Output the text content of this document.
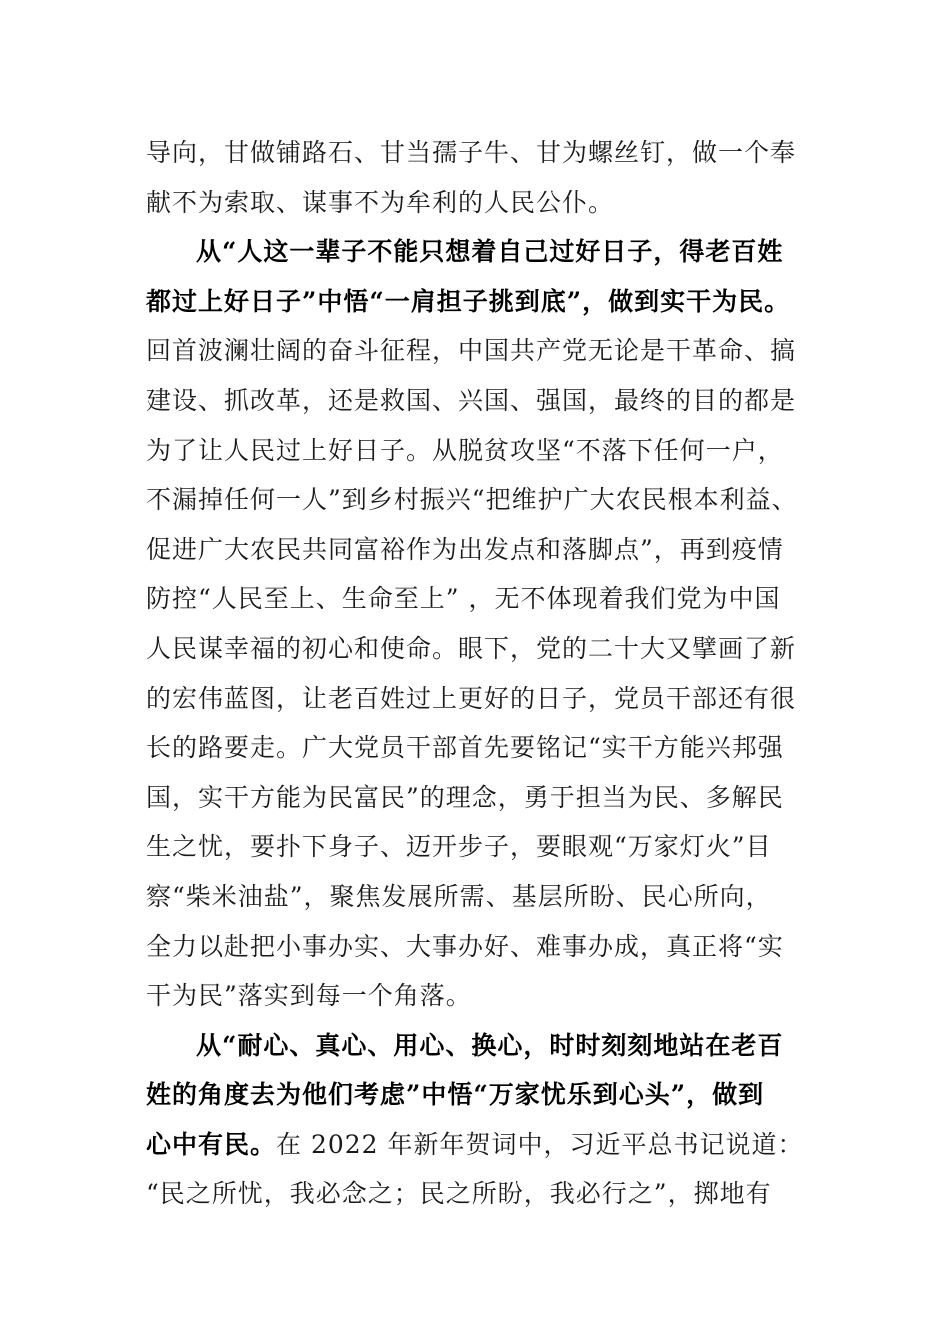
导向，甘做铺路石、甘当孺子牛、甘为螺丝钉，做一个奉
献不为索取、谋事不为牟利的人民公仆。
从“人这一辈子不能只想着自己过好日子，得老百姓
都过上好日子”中悟“一肩担子挑到底”，做到实干为民。
回首波澜壮阔的奋斗征程，中国共产党无论是干革命、搞
建设、抓改革，还是救国、兴国、强国，最终的目的都是
为了让人民过上好日子。从脱贫攻坚“不落下任何一户，
不漏掉任何一人”到乡村振兴“把维护广大农民根本利益、
促进广大农民共同富裕作为出发点和落脚点”，再到疫情
防控“人民至上、生命至上” ，无不体现着我们党为中国
人民谋幸福的初心和使命。眼下，党的二十大又擘画了新
的宏伟蓝图，让老百姓过上更好的日子，党员干部还有很
长的路要走。广大党员干部首先要铭记“实干方能兴邦强
国，实干方能为民富民”的理念，勇于担当为民、多解民
生之忧，要扑下身子、迈开步子，要眼观“万家灯火”目
察“柴米油盐”，聚焦发展所需、基层所盼、民心所向，
全力以赴把小事办实、大事办好、难事办成，真正将“实
干为民”落实到每一个角落。
从“耐心、真心、用心、换心，时时刻刻地站在老百
姓的角度去为他们考虑”中悟“万家忧乐到心头”，做到
心中有民。在 2022 年新年贺词中，习近平总书记说道：
“民之所忧，我必念之；民之所盼，我必行之”，掷地有
